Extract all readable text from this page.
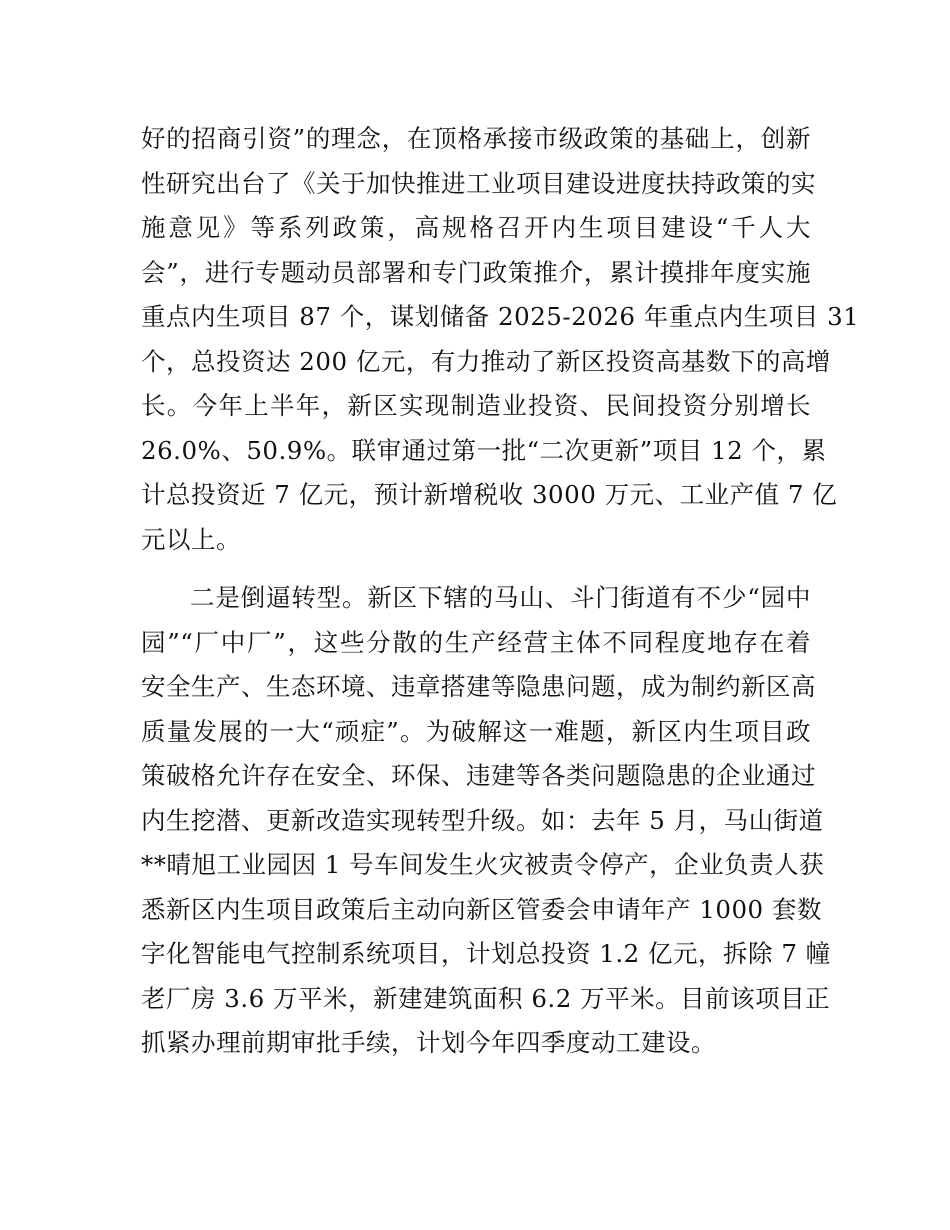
好的招商引资”的理念，在顶格承接市级政策的基础上，创新
性研究出台了《关于加快推进工业项目建设进度扶持政策的实
施意见》等系列政策，高规格召开内生项目建设“千人大
会”，进行专题动员部署和专门政策推介，累计摸排年度实施
重点内生项目 87 个，谋划储备 2025-2026 年重点内生项目 31
个，总投资达 200 亿元，有力推动了新区投资高基数下的高增
长。今年上半年，新区实现制造业投资、民间投资分别增长
26.0%、50.9%。联审通过第一批“二次更新”项目 12 个，累
计总投资近 7 亿元，预计新增税收 3000 万元、工业产值 7 亿
元以上。
二是倒逼转型。新区下辖的马山、斗门街道有不少“园中
园”“厂中厂”，这些分散的生产经营主体不同程度地存在着
安全生产、生态环境、违章搭建等隐患问题，成为制约新区高
质量发展的一大“顽症”。为破解这一难题，新区内生项目政
策破格允许存在安全、环保、违建等各类问题隐患的企业通过
内生挖潜、更新改造实现转型升级。如：去年 5 月，马山街道
**晴旭工业园因 1 号车间发生火灾被责令停产，企业负责人获
悉新区内生项目政策后主动向新区管委会申请年产 1000 套数
字化智能电气控制系统项目，计划总投资 1.2 亿元，拆除 7 幢
老厂房 3.6 万平米，新建建筑面积 6.2 万平米。目前该项目正
抓紧办理前期审批手续，计划今年四季度动工建设。
